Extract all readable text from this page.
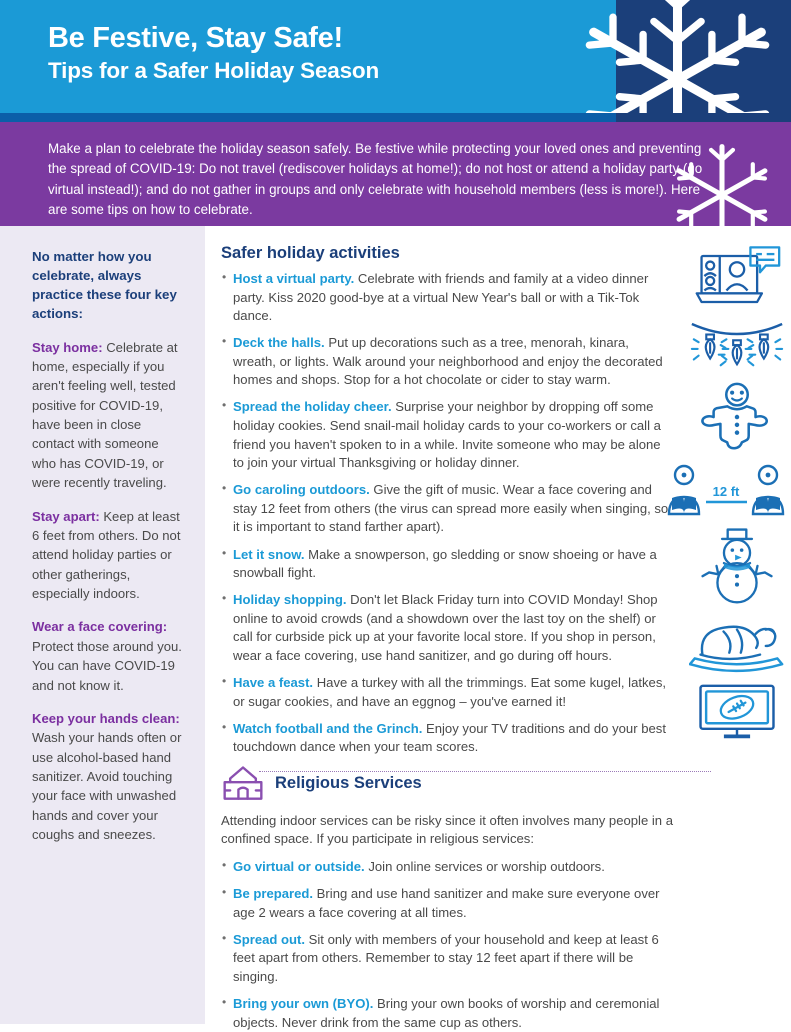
Be Festive, Stay Safe!
Tips for a Safer Holiday Season
Make a plan to celebrate the holiday season safely. Be festive while protecting your loved ones and preventing the spread of COVID-19: Do not travel (rediscover holidays at home!); do not host or attend a holiday party (go virtual instead!); and do not gather in groups and only celebrate with household members (less is more!). Here are some tips on how to celebrate.
No matter how you celebrate, always practice these four key actions:

Stay home: Celebrate at home, especially if you aren't feeling well, tested positive for COVID-19, have been in close contact with someone who has COVID-19, or were recently traveling.

Stay apart: Keep at least 6 feet from others. Do not attend holiday parties or other gatherings, especially indoors.

Wear a face covering: Protect those around you. You can have COVID-19 and not know it.

Keep your hands clean: Wash your hands often or use alcohol-based hand sanitizer. Avoid touching your face with unwashed hands and cover your coughs and sneezes.

Safer holiday activities
• Host a virtual party. Celebrate with friends and family at a video dinner party. Kiss 2020 good-bye at a virtual New Year's ball or with a Tik-Tok dance.
• Deck the halls. Put up decorations such as a tree, menorah, kinara, wreath, or lights. Walk around your neighborhood and enjoy the decorated homes and shops. Stop for a hot chocolate or cider to stay warm.
• Spread the holiday cheer. Surprise your neighbor by dropping off some holiday cookies. Send snail-mail holiday cards to your co-workers or call a friend you haven't spoken to in a while. Invite someone who may be alone to join your virtual Thanksgiving or holiday dinner.
• Go caroling outdoors. Give the gift of music. Wear a face covering and stay 12 feet from others (the virus can spread more easily when singing, so it is important to stand farther apart).
• Let it snow. Make a snowperson, go sledding or snow shoeing or have a snowball fight.
• Holiday shopping. Don't let Black Friday turn into COVID Monday! Shop online to avoid crowds (and a showdown over the last toy on the shelf) or call for curbside pick up at your favorite local store. If you shop in person, wear a face covering, use hand sanitizer, and go during off hours.
• Have a feast. Have a turkey with all the trimmings. Eat some kugel, latkes, or sugar cookies, and have an eggnog – you've earned it!
• Watch football and the Grinch. Enjoy your TV traditions and do your best touchdown dance when your team scores.
Religious Services
Attending indoor services can be risky since it often involves many people in a confined space. If you participate in religious services:
• Go virtual or outside. Join online services or worship outdoors.
• Be prepared. Bring and use hand sanitizer and make sure everyone over age 2 wears a face covering at all times.
• Spread out. Sit only with members of your household and keep at least 6 feet apart from others. Remember to stay 12 feet apart if there will be singing.
• Bring your own (BYO). Bring your own books of worship and ceremonial objects. Never drink from the same cup as others.
12 ft
